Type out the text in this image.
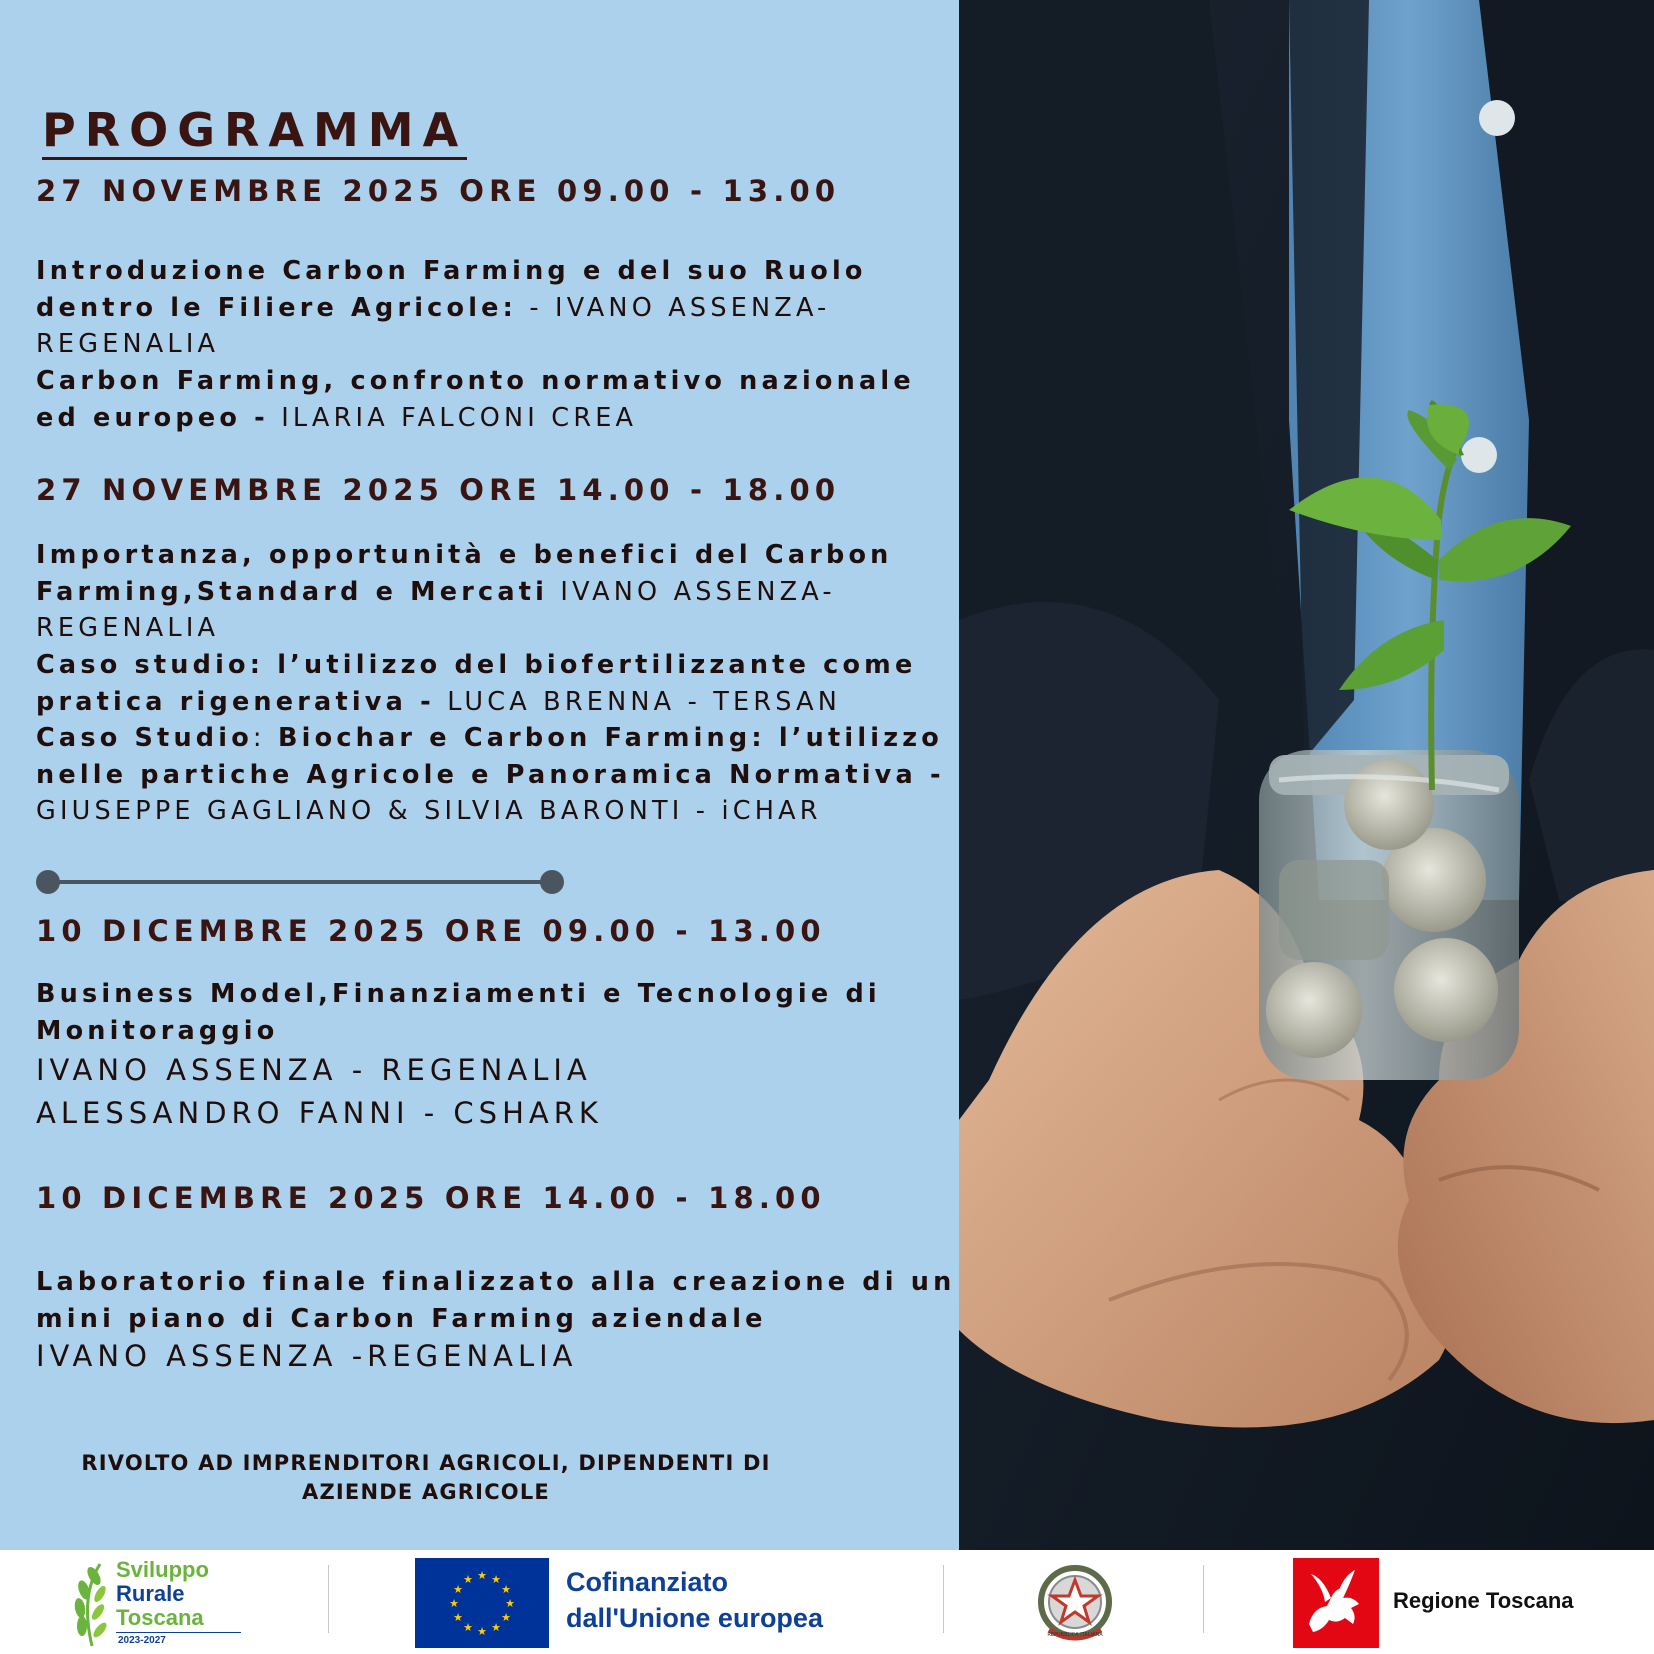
PROGRAMMA
27 NOVEMBRE 2025 ORE 09.00 - 13.00
Introduzione Carbon Farming e del suo Ruolo dentro le Filiere Agricole: - IVANO ASSENZA- REGENALIA
Carbon Farming, confronto normativo nazionale ed europeo - ILARIA FALCONI CREA
27 NOVEMBRE 2025 ORE 14.00 - 18.00
Importanza, opportunità e benefici del Carbon Farming,Standard e Mercati IVANO ASSENZA- REGENALIA
Caso studio: l’utilizzo del biofertilizzante come pratica rigenerativa - LUCA BRENNA - TERSAN
Caso Studio: Biochar e Carbon Farming: l’utilizzo nelle partiche Agricole e Panoramica Normativa - GIUSEPPE GAGLIANO & SILVIA BARONTI - iCHAR
10 DICEMBRE 2025 ORE 09.00 - 13.00
Business Model,Finanziamenti e Tecnologie di Monitoraggio
IVANO ASSENZA - REGENALIA
ALESSANDRO FANNI - CSHARK
10 DICEMBRE 2025 ORE 14.00 - 18.00
Laboratorio finale finalizzato alla creazione di un mini piano di Carbon Farming aziendale
IVANO ASSENZA -REGENALIA
RIVOLTO AD IMPRENDITORI AGRICOLI, DIPENDENTI DI AZIENDE AGRICOLE
Sviluppo
Rurale
Toscana
2023-2027
★ ★
★
★
★
★
★
★
★
★
★
★	Cofinanziato
dall'Unione europea
REPUBBLICA ITALIANA
Regione Toscana
